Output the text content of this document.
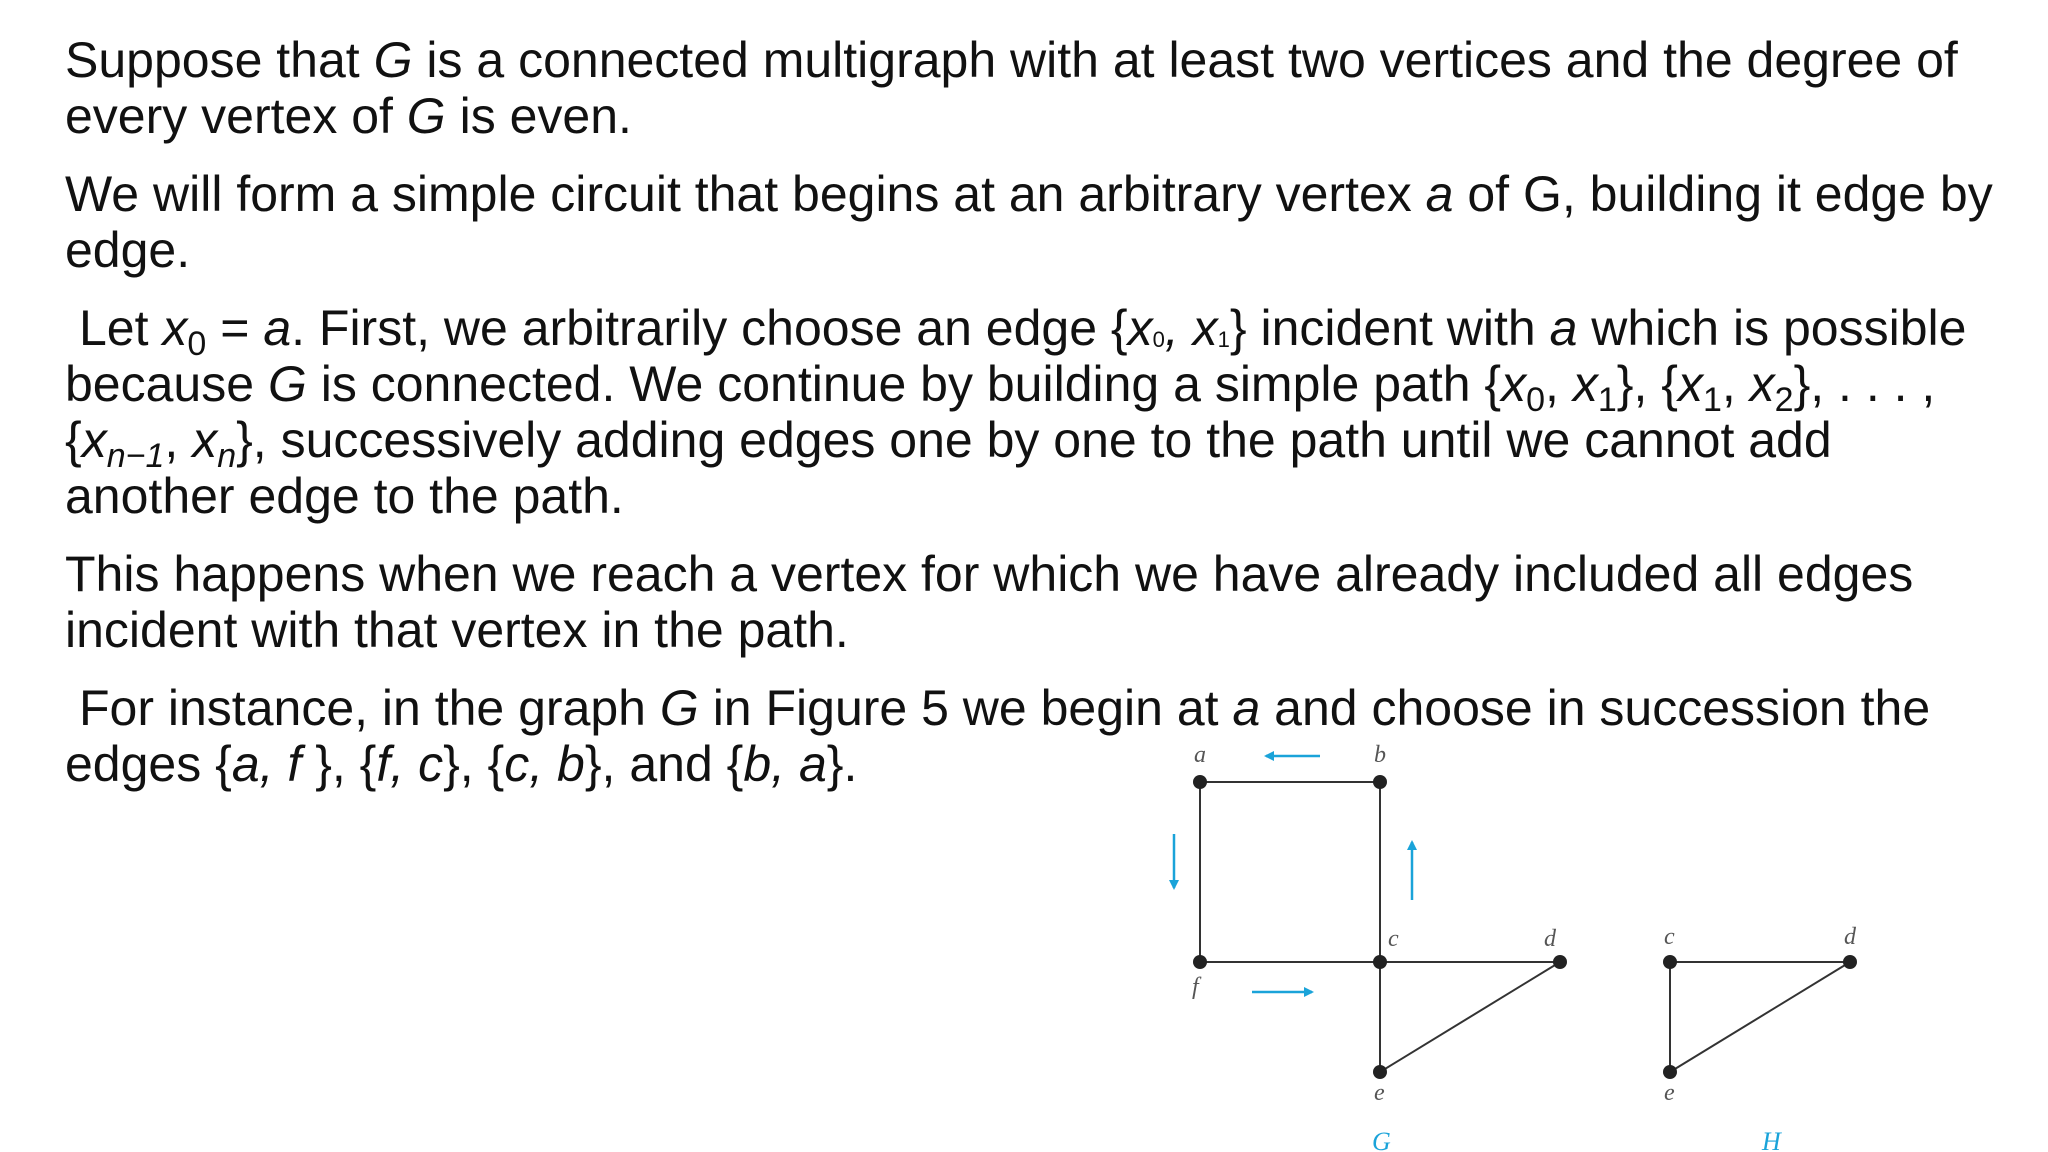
Suppose that G is a connected multigraph with at least two vertices and the degree of every vertex of G is even.

We will form a simple circuit that begins at an arbitrary vertex a of G, building it edge by edge.

Let $x_0 = a$. First, we arbitrarily choose an edge {x0, x1} incident with a which is possible because G is connected. We continue by building a simple path {$x_0$, $x_1$}, {$x_1$, $x_2$}, . . . , {$x_{n-1}$, $x_n$}, successively adding edges one by one to the path until we cannot add another edge to the path.

This happens when we reach a vertex for which we have already included all edges incident with that vertex in the path.

For instance, in the graph G in Figure 5 we begin at a and choose in succession the edges {a, f }, {f, c}, {c, b}, and {b, a}.	a	b
c	d
e
f
G
c	d
e
H
